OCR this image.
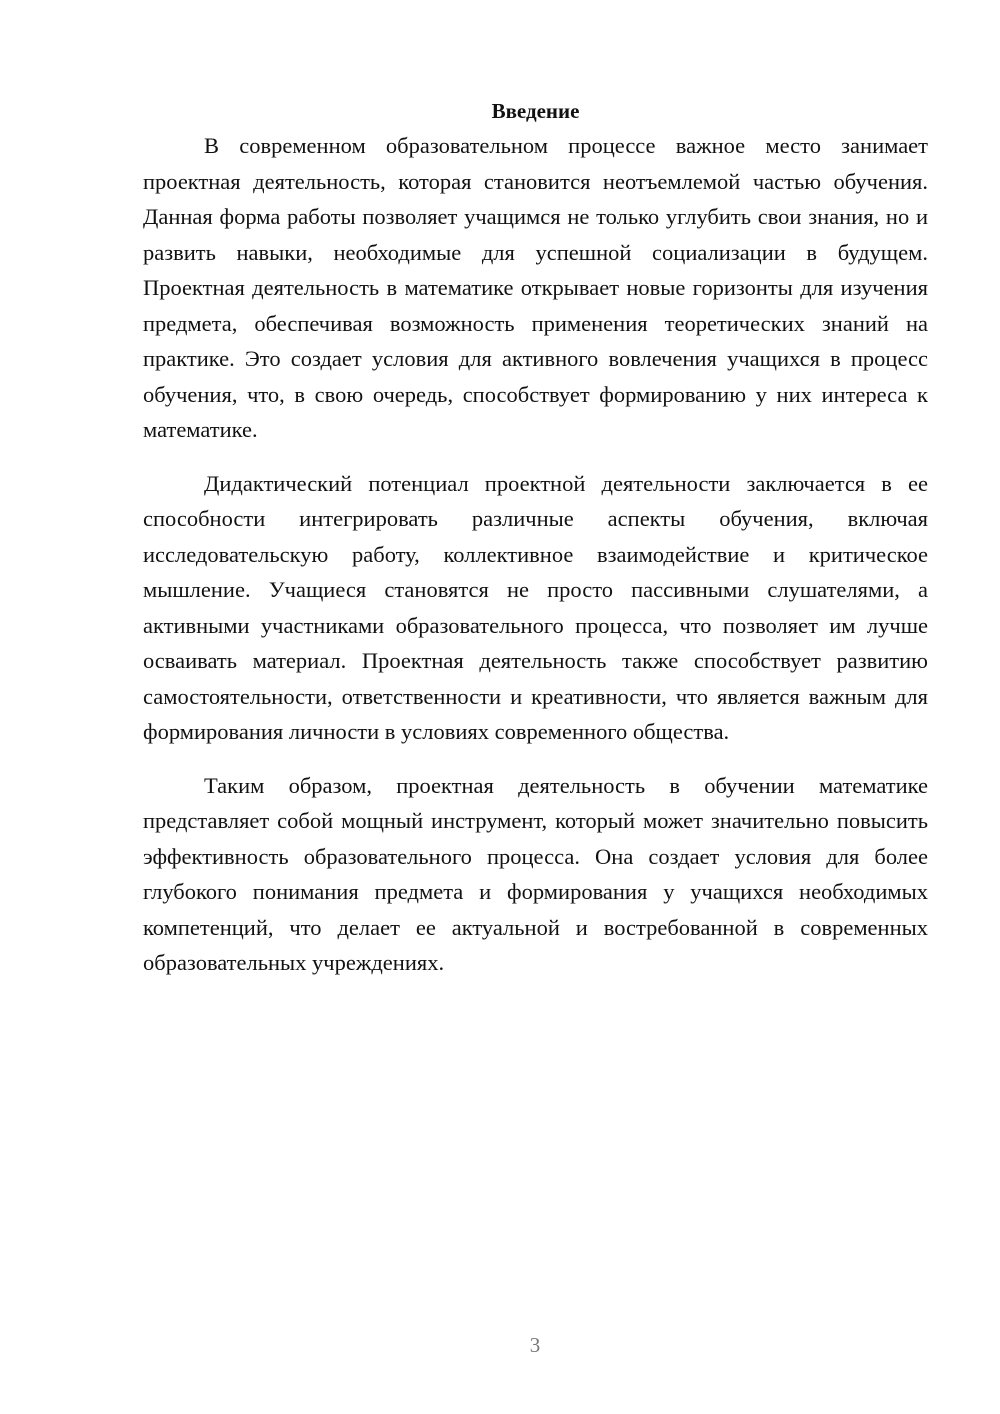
Введение

В современном образовательном процессе важное место занимает проектная деятельность, которая становится неотъемлемой частью обучения. Данная форма работы позволяет учащимся не только углубить свои знания, но и развить навыки, необходимые для успешной социализации в будущем. Проектная деятельность в математике открывает новые горизонты для изучения предмета, обеспечивая возможность применения теоретических знаний на практике. Это создает условия для активного вовлечения учащихся в процесс обучения, что, в свою очередь, способствует формированию у них интереса к математике.

Дидактический потенциал проектной деятельности заключается в ее способности интегрировать различные аспекты обучения, включая исследовательскую работу, коллективное взаимодействие и критическое мышление. Учащиеся становятся не просто пассивными слушателями, а активными участниками образовательного процесса, что позволяет им лучше осваивать материал. Проектная деятельность также способствует развитию самостоятельности, ответственности и креативности, что является важным для формирования личности в условиях современного общества.

Таким образом, проектная деятельность в обучении математике представляет собой мощный инструмент, который может значительно повысить эффективность образовательного процесса. Она создает условия для более глубокого понимания предмета и формирования у учащихся необходимых компетенций, что делает ее актуальной и востребованной в современных образовательных учреждениях.

3
